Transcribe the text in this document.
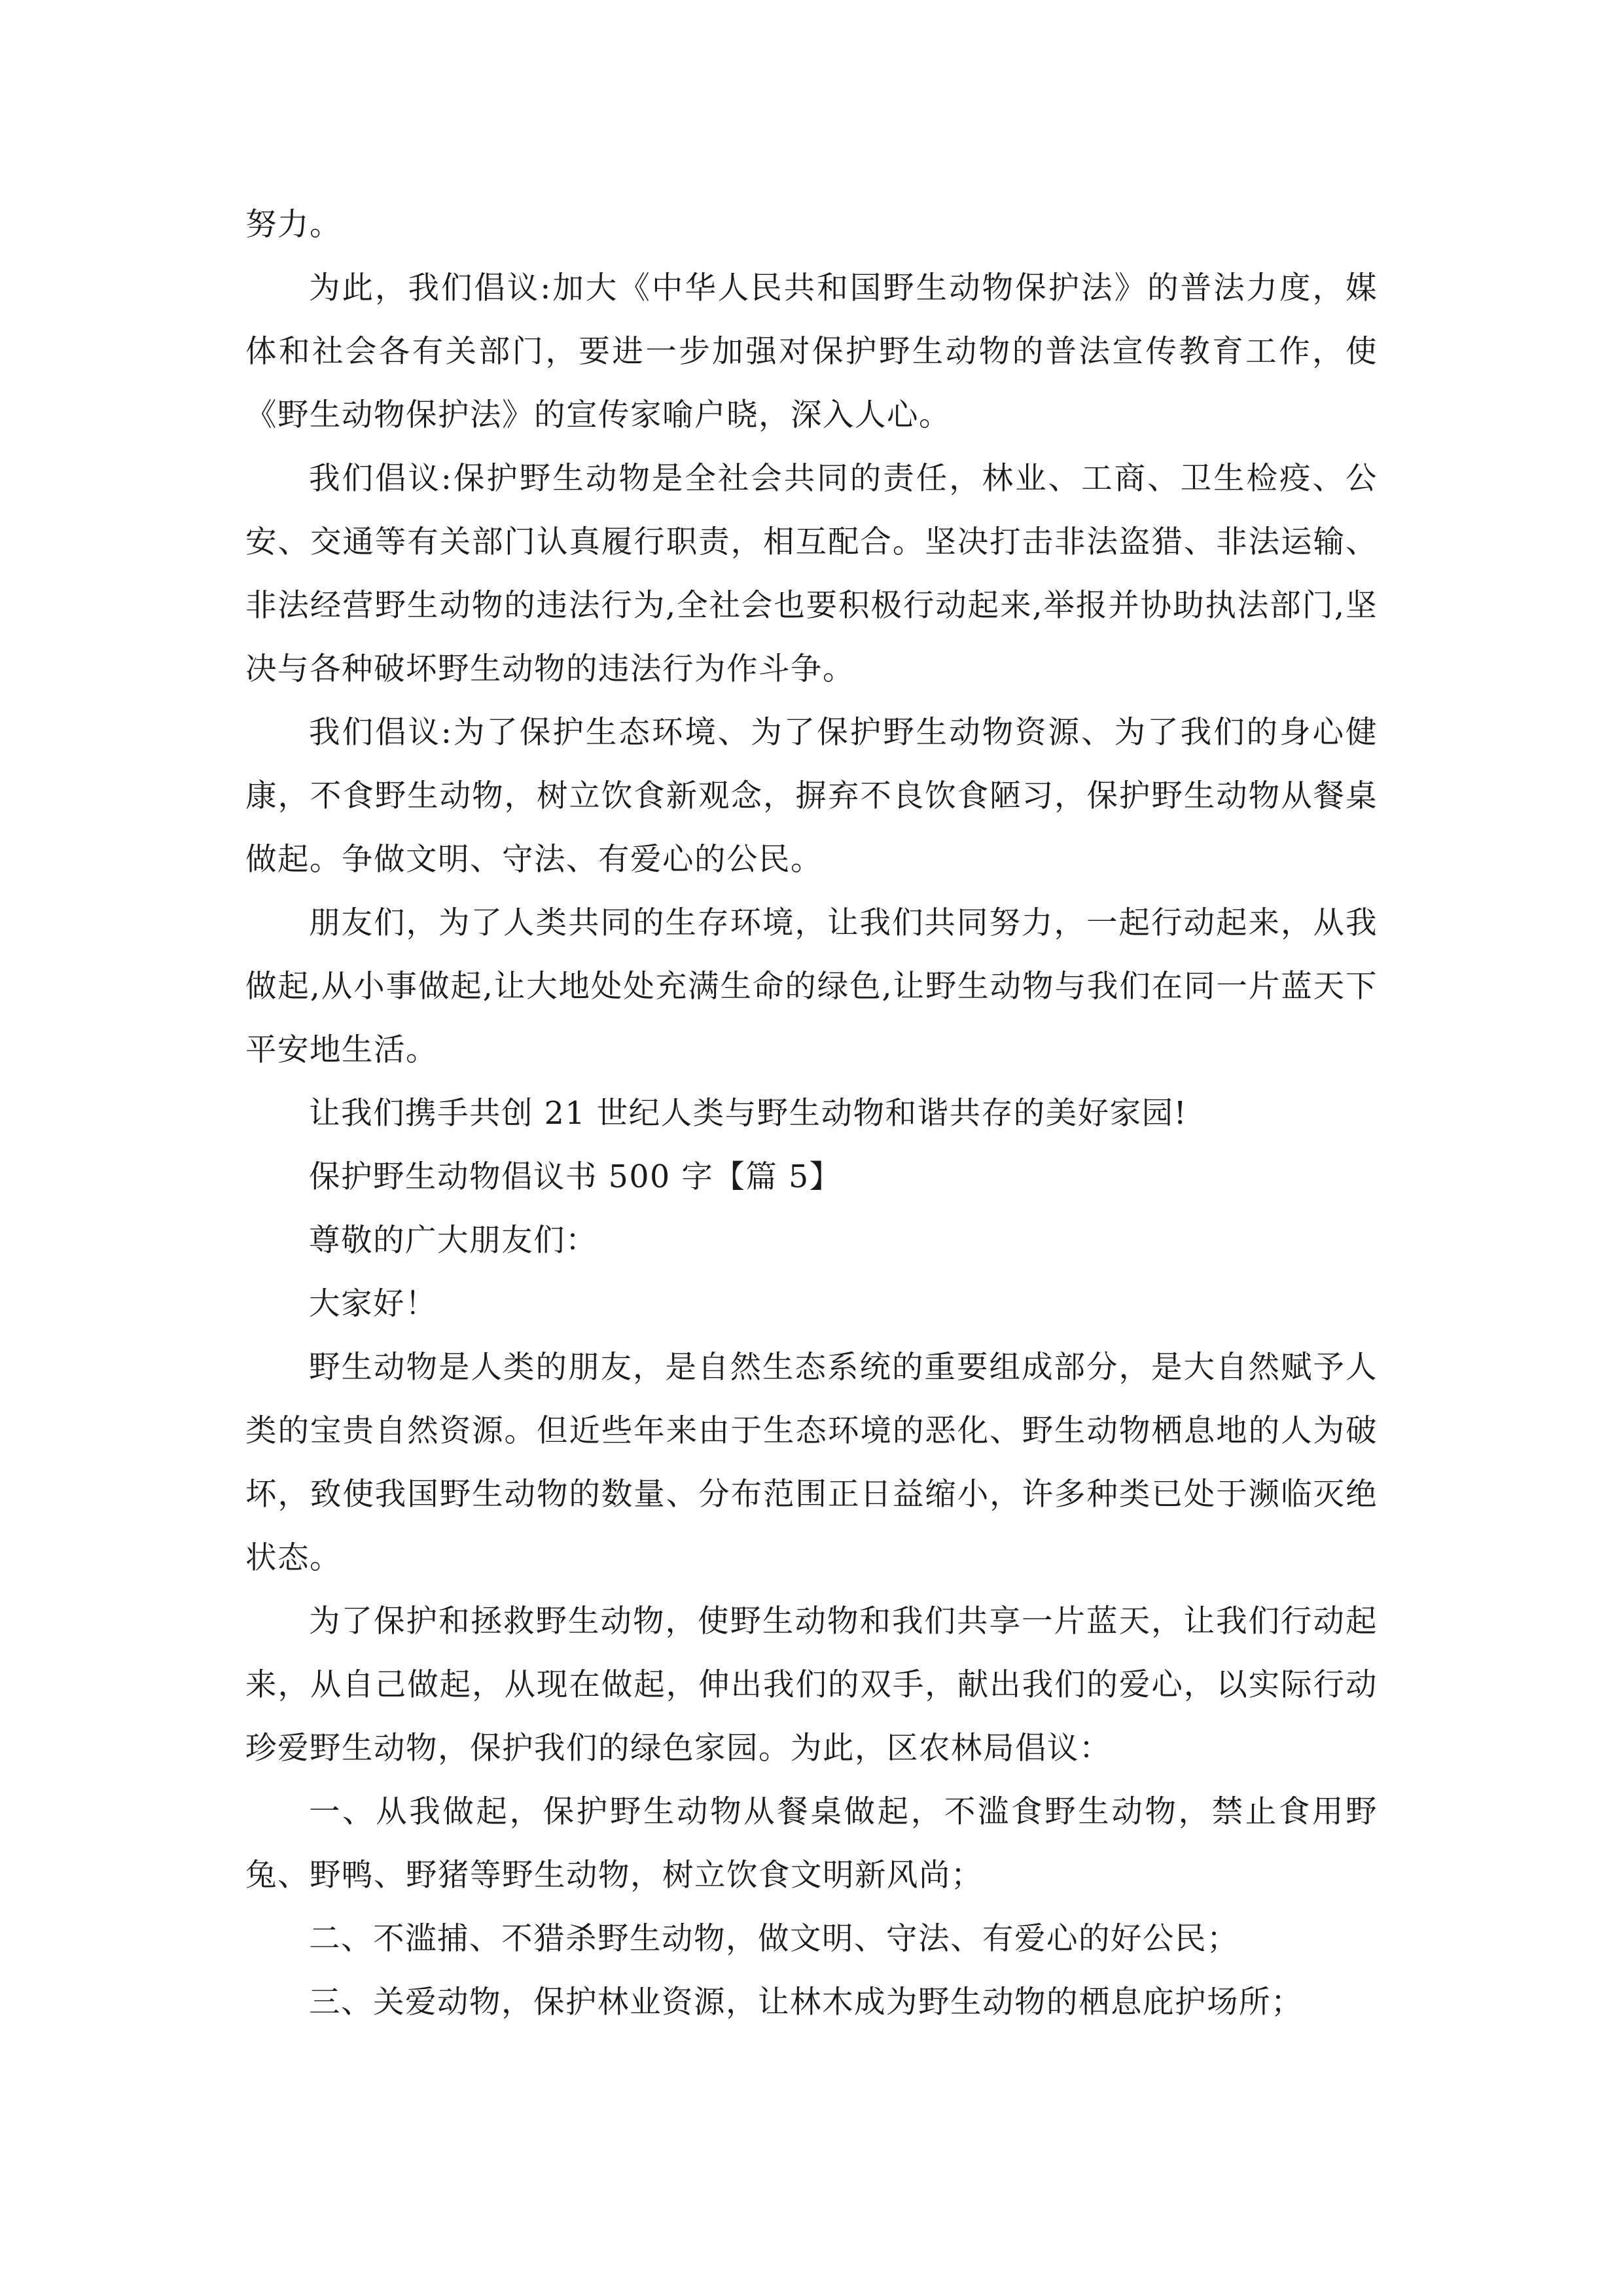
努力。

为此，我们倡议:加大《中华人民共和国野生动物保护法》的普法力度，媒体和社会各有关部门，要进一步加强对保护野生动物的普法宣传教育工作，使《野生动物保护法》的宣传家喻户晓，深入人心。

我们倡议:保护野生动物是全社会共同的责任，林业、工商、卫生检疫、公安、交通等有关部门认真履行职责，相互配合。坚决打击非法盗猎、非法运输、非法经营野生动物的违法行为,全社会也要积极行动起来,举报并协助执法部门,坚决与各种破坏野生动物的违法行为作斗争。

我们倡议:为了保护生态环境、为了保护野生动物资源、为了我们的身心健康，不食野生动物，树立饮食新观念，摒弃不良饮食陋习，保护野生动物从餐桌做起。争做文明、守法、有爱心的公民。

朋友们，为了人类共同的生存环境，让我们共同努力，一起行动起来，从我做起,从小事做起,让大地处处充满生命的绿色,让野生动物与我们在同一片蓝天下平安地生活。

让我们携手共创 21 世纪人类与野生动物和谐共存的美好家园!

保护野生动物倡议书 500 字【篇 5】

尊敬的广大朋友们：

大家好！

野生动物是人类的朋友，是自然生态系统的重要组成部分，是大自然赋予人类的宝贵自然资源。但近些年来由于生态环境的恶化、野生动物栖息地的人为破坏，致使我国野生动物的数量、分布范围正日益缩小，许多种类已处于濒临灭绝状态。

为了保护和拯救野生动物，使野生动物和我们共享一片蓝天，让我们行动起来，从自己做起，从现在做起，伸出我们的双手，献出我们的爱心，以实际行动珍爱野生动物，保护我们的绿色家园。为此，区农林局倡议：

一、从我做起，保护野生动物从餐桌做起，不滥食野生动物，禁止食用野兔、野鸭、野猪等野生动物，树立饮食文明新风尚；

二、不滥捕、不猎杀野生动物，做文明、守法、有爱心的好公民；

三、关爱动物，保护林业资源，让林木成为野生动物的栖息庇护场所；
